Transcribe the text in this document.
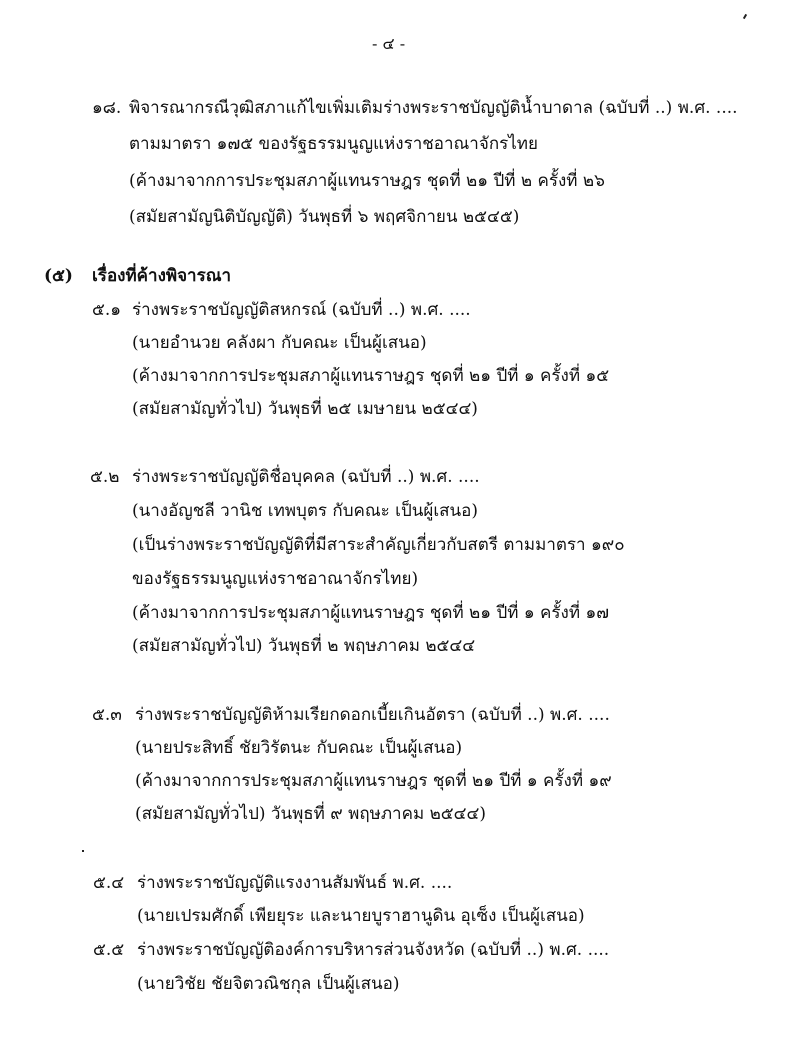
- ๔ -
๑๘. พิจารณากรณีวุฒิสภาแก้ไขเพิ่มเติมร่างพระราชบัญญัติน้ำบาดาล (ฉบับที่ ..) พ.ศ. ....
ตามมาตรา ๑๗๕ ของรัฐธรรมนูญแห่งราชอาณาจักรไทย
(ค้างมาจากการประชุมสภาผู้แทนราษฎร ชุดที่ ๒๑ ปีที่ ๒ ครั้งที่ ๒๖
(สมัยสามัญนิติบัญญัติ) วันพุธที่ ๖ พฤศจิกายน ๒๕๔๕)
(๕) เรื่องที่ค้างพิจารณา
๕.๑ ร่างพระราชบัญญัติสหกรณ์ (ฉบับที่ ..) พ.ศ. ....
(นายอำนวย คลังผา กับคณะ เป็นผู้เสนอ)
(ค้างมาจากการประชุมสภาผู้แทนราษฎร ชุดที่ ๒๑ ปีที่ ๑ ครั้งที่ ๑๕
(สมัยสามัญทั่วไป) วันพุธที่ ๒๕ เมษายน ๒๕๔๔)
๕.๒ ร่างพระราชบัญญัติชื่อบุคคล (ฉบับที่ ..) พ.ศ. ....
(นางอัญชลี วานิช เทพบุตร กับคณะ เป็นผู้เสนอ)
(เป็นร่างพระราชบัญญัติที่มีสาระสำคัญเกี่ยวกับสตรี ตามมาตรา ๑๙๐
ของรัฐธรรมนูญแห่งราชอาณาจักรไทย)
(ค้างมาจากการประชุมสภาผู้แทนราษฎร ชุดที่ ๒๑ ปีที่ ๑ ครั้งที่ ๑๗
(สมัยสามัญทั่วไป) วันพุธที่ ๒ พฤษภาคม ๒๕๔๔
๕.๓ ร่างพระราชบัญญัติห้ามเรียกดอกเบี้ยเกินอัตรา (ฉบับที่ ..) พ.ศ. ....
(นายประสิทธิ์ ชัยวิรัตนะ กับคณะ เป็นผู้เสนอ)
(ค้างมาจากการประชุมสภาผู้แทนราษฎร ชุดที่ ๒๑ ปีที่ ๑ ครั้งที่ ๑๙
(สมัยสามัญทั่วไป) วันพุธที่ ๙ พฤษภาคม ๒๕๔๔)
๕.๔ ร่างพระราชบัญญัติแรงงานสัมพันธ์ พ.ศ. ....
(นายเปรมศักดิ์ เพียยุระ และนายบูราฮานูดิน อุเซ็ง เป็นผู้เสนอ)
๕.๕ ร่างพระราชบัญญัติองค์การบริหารส่วนจังหวัด (ฉบับที่ ..) พ.ศ. ....
(นายวิชัย ชัยจิตวณิชกุล เป็นผู้เสนอ)
